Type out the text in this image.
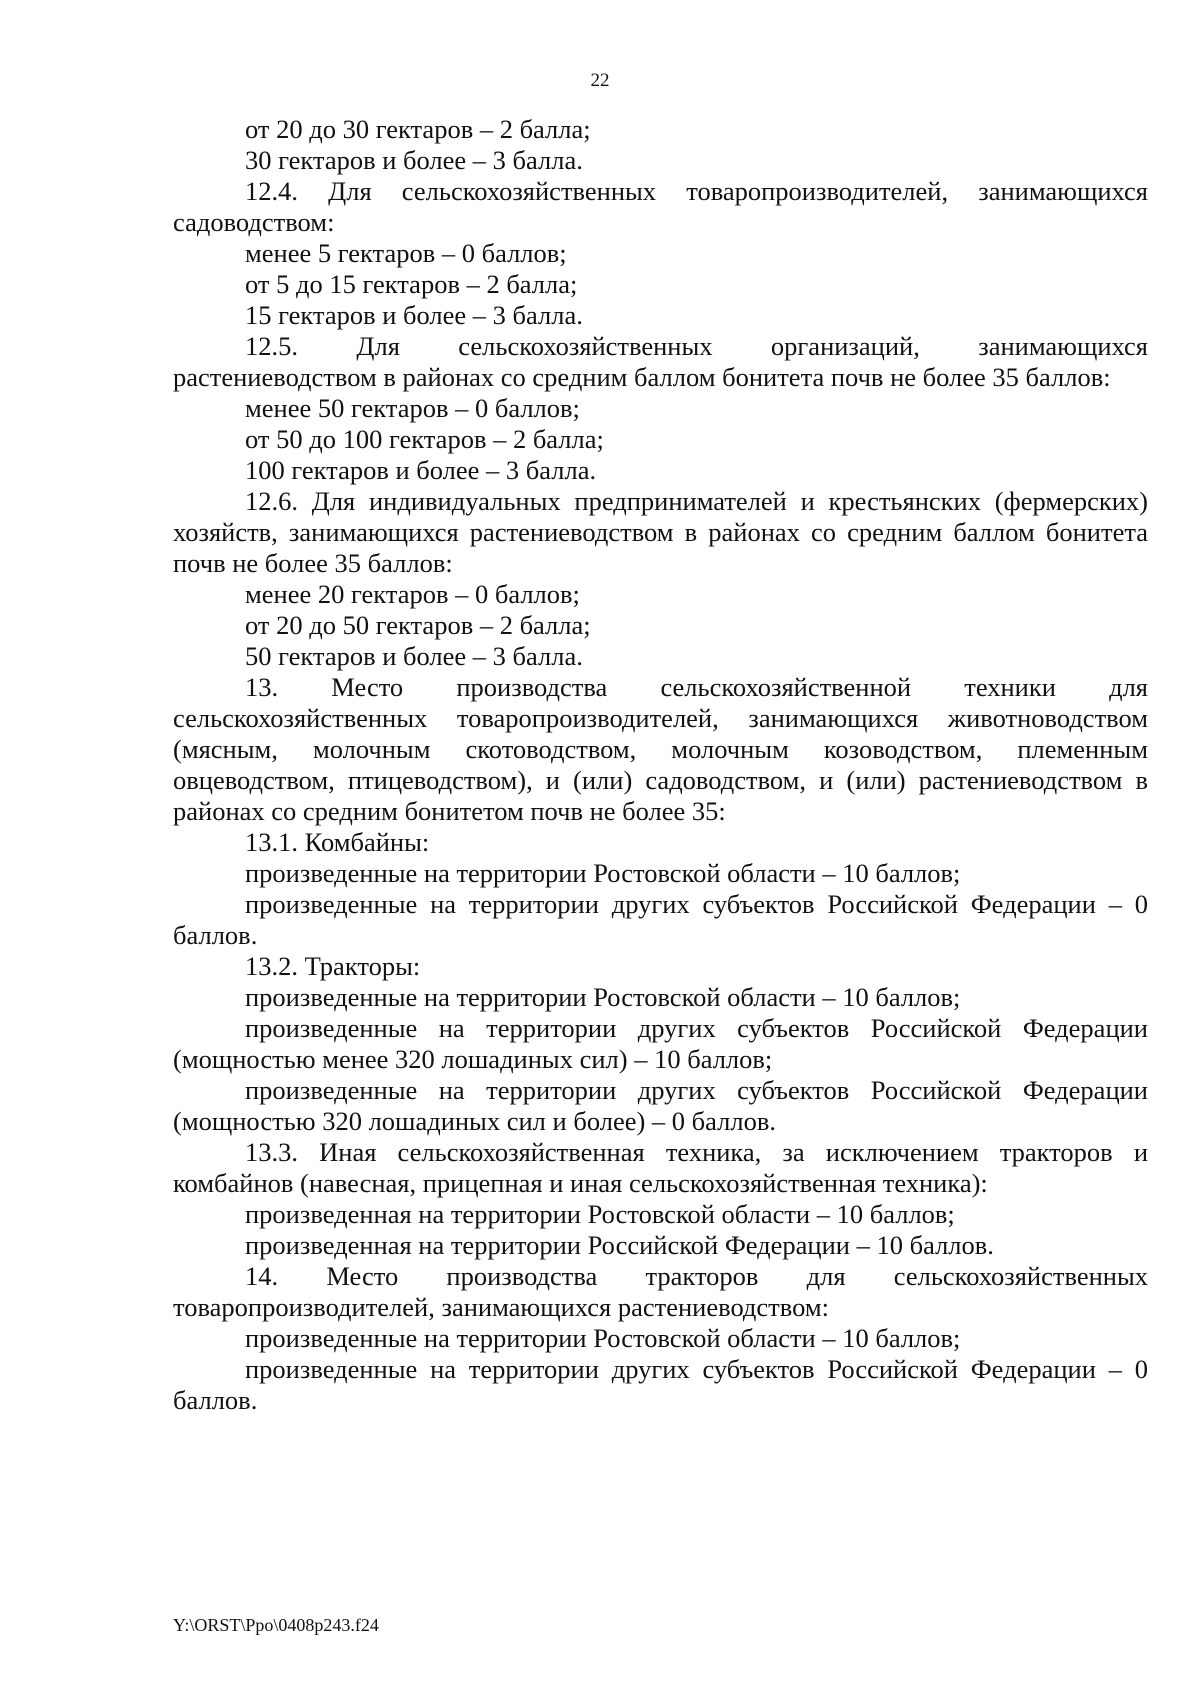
22

от 20 до 30 гектаров – 2 балла;

30 гектаров и более – 3 балла.

12.4. Для сельскохозяйственных товаропроизводителей, занимающихся садоводством:

менее 5 гектаров – 0 баллов;

от 5 до 15 гектаров – 2 балла;

15 гектаров и более – 3 балла.

12.5. Для сельскохозяйственных организаций, занимающихся растениеводством в районах со средним баллом бонитета почв не более 35 баллов:

менее 50 гектаров – 0 баллов;

от 50 до 100 гектаров – 2 балла;

100 гектаров и более – 3 балла.

12.6. Для индивидуальных предпринимателей и крестьянских (фермерских) хозяйств, занимающихся растениеводством в районах со средним баллом бонитета почв не более 35 баллов:

менее 20 гектаров – 0 баллов;

от 20 до 50 гектаров – 2 балла;

50 гектаров и более – 3 балла.

13. Место производства сельскохозяйственной техники для сельскохозяйственных товаропроизводителей, занимающихся животноводством (мясным, молочным скотоводством, молочным козоводством, племенным овцеводством, птицеводством), и (или) садоводством, и (или) растениеводством в районах со средним бонитетом почв не более 35:

13.1. Комбайны:

произведенные на территории Ростовской области – 10 баллов;

произведенные на территории других субъектов Российской Федерации – 0 баллов.

13.2. Тракторы:

произведенные на территории Ростовской области – 10 баллов;

произведенные на территории других субъектов Российской Федерации (мощностью менее 320 лошадиных сил) – 10 баллов;

произведенные на территории других субъектов Российской Федерации (мощностью 320 лошадиных сил и более) – 0 баллов.

13.3. Иная сельскохозяйственная техника, за исключением тракторов и комбайнов (навесная, прицепная и иная сельскохозяйственная техника):

произведенная на территории Ростовской области – 10 баллов;

произведенная на территории Российской Федерации – 10 баллов.

14. Место производства тракторов для сельскохозяйственных товаропроизводителей, занимающихся растениеводством:

произведенные на территории Ростовской области – 10 баллов;

произведенные на территории других субъектов Российской Федерации – 0 баллов.

Y:\ORST\Ppo\0408p243.f24
